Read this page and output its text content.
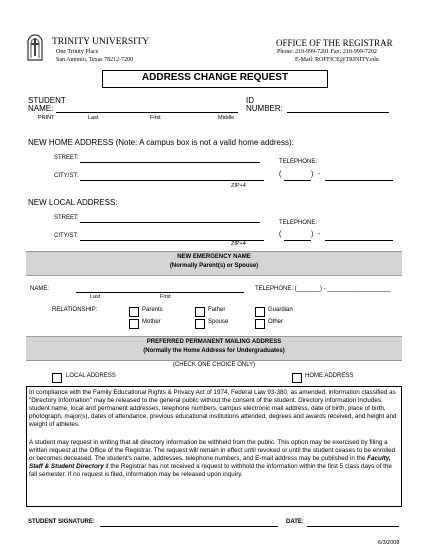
TRINITY UNIVERSITY
One Trinity Place
San Antonio, Texas 78212-7200
OFFICE OF THE REGISTRAR
Phone: 210-999-7201 Fax: 210-999-7202
E-Mail: ROFFICE@TRINITY.edu
ADDRESS CHANGE REQUEST
STUDENT
NAME:
PRINT	Last	First	Middle
ID
NUMBER:
NEW HOME ADDRESS (Note: A campus box is not a valid home address):
STREET:
TELEPHONE:
CITY/ST:	(	) -
ZIP+4
NEW LOCAL ADDRESS:
STREET:
TELEPHONE:
CITY/ST:	(	) -
ZIP+4
NEW EMERGENCY NAME
(Normally Parent(s) or Spouse)
NAME:
Last	First
TELEPHONE: (_______) - ___________________
RELATIONSHIP:	Parents	Father	Guardian
Mother	Spouse	Other
PREFERRED PERMANENT MAILING ADDRESS
(Normally the Home Address for Undergraduates)
(CHECK ONE CHOICE ONLY)
LOCAL ADDRESS	HOME ADDRESS
In compliance with the Family Educational Rights & Privacy Act of 1974, Federal Law 93-380, as amended, information classified as "Directory Information" may be released to the general public without the consent of the student. Directory information includes: student name, local and permanent addresses, telephone numbers, campus electronic mail address, date of birth, place of birth, photograph, major(s), dates of attendance, previous educational institutions attended, degrees and awards received, and height and weight of athletes.
A student may request in writing that all directory information be withheld from the public. This option may be exercised by filing a written request at the Office of the Registrar. The request will remain in effect until revoked or until the student ceases to be enrolled or becomes deceased. The student's name, addresses, telephone numbers, and E-mail address may be published in the Faculty, Staff & Student Directory if the Registrar has not received a request to withhold the information within the first 5 class days of the fall semester. If no request is filed, information may be released upon inquiry.
STUDENT SIGNATURE:	DATE:
6/3/2008
